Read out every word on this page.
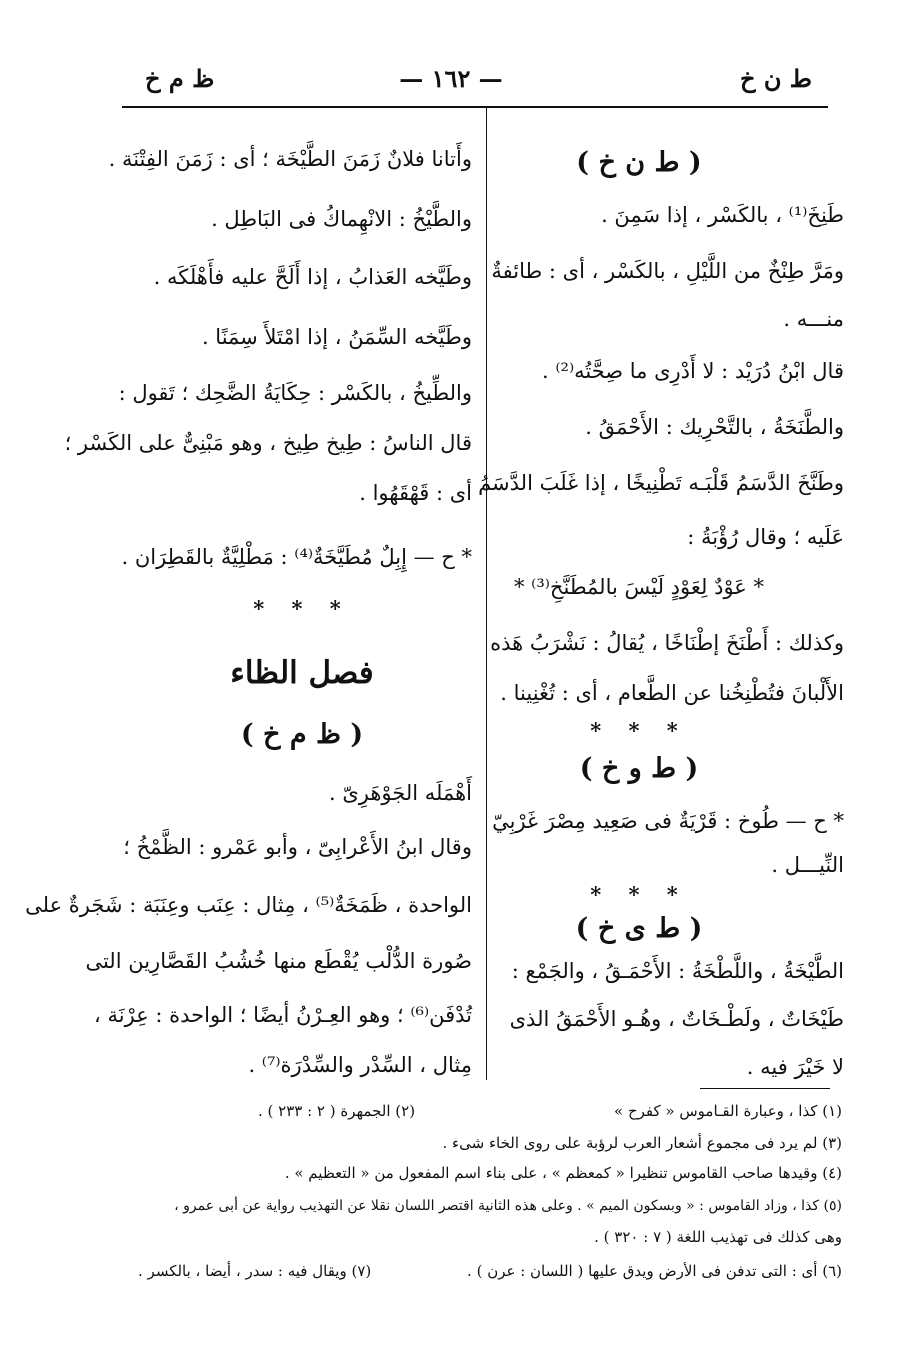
— ١٦٢ —	ط ن خ
ظ م خ
( ط ن خ )
طَنِخَ⁽¹⁾ ، بالكَسْر ، إذا سَمِنَ .
ومَرَّ طِنْخٌ من اللَّيْلِ ، بالكَسْر ، أى : طائفةٌ
منـــه .
قال ابْنُ دُرَيْد : لا أَدْرِى ما صِحَّتُه⁽²⁾ .
والطَّنَخَةُ ، بالتَّحْرِيك : الأَحْمَقُ .
وطَنَّخَ الدَّسَمُ قَلْبَـه تَطْنِيخًا ، إذا غَلَبَ الدَّسَمُ
عَلَيه ؛ وقال رُؤْبَةُ :
* عَوْدٌ لِعَوْدٍ لَيْسَ بالمُطَنَّخِ⁽³⁾ *
وكذلك : أَطْنَخَ إطْنَاخًا ، يُقالُ : نَشْرَبُ هَذه
الأَلْبانَ فتُطْنِخُنا عن الطَّعام ، أى : تُغْنِينا .
* * *
( ط و خ )
* ح — طُوخ : قَرْيَةٌ فى صَعِيد مِصْرَ غَرْبِيّ
النِّيـــل .
* * *
( ط ى خ )
الطَّيْخَةُ ، واللَّطْخَةُ : الأَحْمَـقُ ، والجَمْع :
طَيْخَاتٌ ، ولَطْـخَاتٌ ، وهُـو الأَحْمَقُ الذى
لا خَيْرَ فيه .
وأَتانا فلانٌ زَمَنَ الطَّيْخَة ؛ أى : زَمَنَ الفِتْنَة .
والطَّيْخُ : الانْهِماكُ فى البَاطِل .
وطَيَّخه العَذابُ ، إذا أَلَحَّ عليه فأَهْلَكَه .
وطَيَّخه السِّمَنُ ، إذا امْتَلأَ سِمَنًا .
والطِّيخُ ، بالكَسْر : حِكَايَةُ الضَّحِك ؛ تَقول :
قال الناسُ : طِيخ طِيخ ، وهو مَبْنِىٌّ على الكَسْر ؛
أى : قَهْقَهُوا .
* ح — إِبِلٌ مُطَيَّخَةٌ⁽⁴⁾ : مَطْلِيَّةٌ بالقَطِرَان .
* * *
فصل الظاء
( ظ م خ )
أَهْمَلَه الجَوْهَرِىّ .
وقال ابنُ الأَعْرابِىّ ، وأبو عَمْرو : الظَّمْخُ ؛
الواحدة ، ظَمَخَةٌ⁽⁵⁾ ، مِثال : عِنَب وعِنَبَة : شَجَرةٌ على
صُورة الدُّلْب يُقْطَع منها خُشُبُ القَصَّارِين التى
تُدْفَن⁽⁶⁾ ؛ وهو العِـرْنُ أيضًا ؛ الواحدة : عِرْنَة ،
مِثال ، السِّدْر والسِّدْرَة⁽⁷⁾ .
(١) كذا ، وعبارة القـاموس « كفرح »
(٢) الجمهرة ( ٢ : ٢٣٣ ) .
(٣) لم يرد فى مجموع أشعار العرب لرؤبة على روى الخاء شىء .
(٤) وقيدها صاحب القاموس تنظيرا « كمعظم » ، على بناء اسم المفعول من « التعظيم » .
(٥) كذا ، وزاد القاموس : « وبسكون الميم » . وعلى هذه الثانية اقتصر اللسان نقلا عن التهذيب رواية عن أبى عمرو ،
وهى كذلك فى تهذيب اللغة ( ٧ : ٣٢٠ ) .
(٦) أى : التى تدفن فى الأرض ويدق عليها ( اللسان : عرن ) .
(٧) ويقال فيه : سدر ، أيضا ، بالكسر .
